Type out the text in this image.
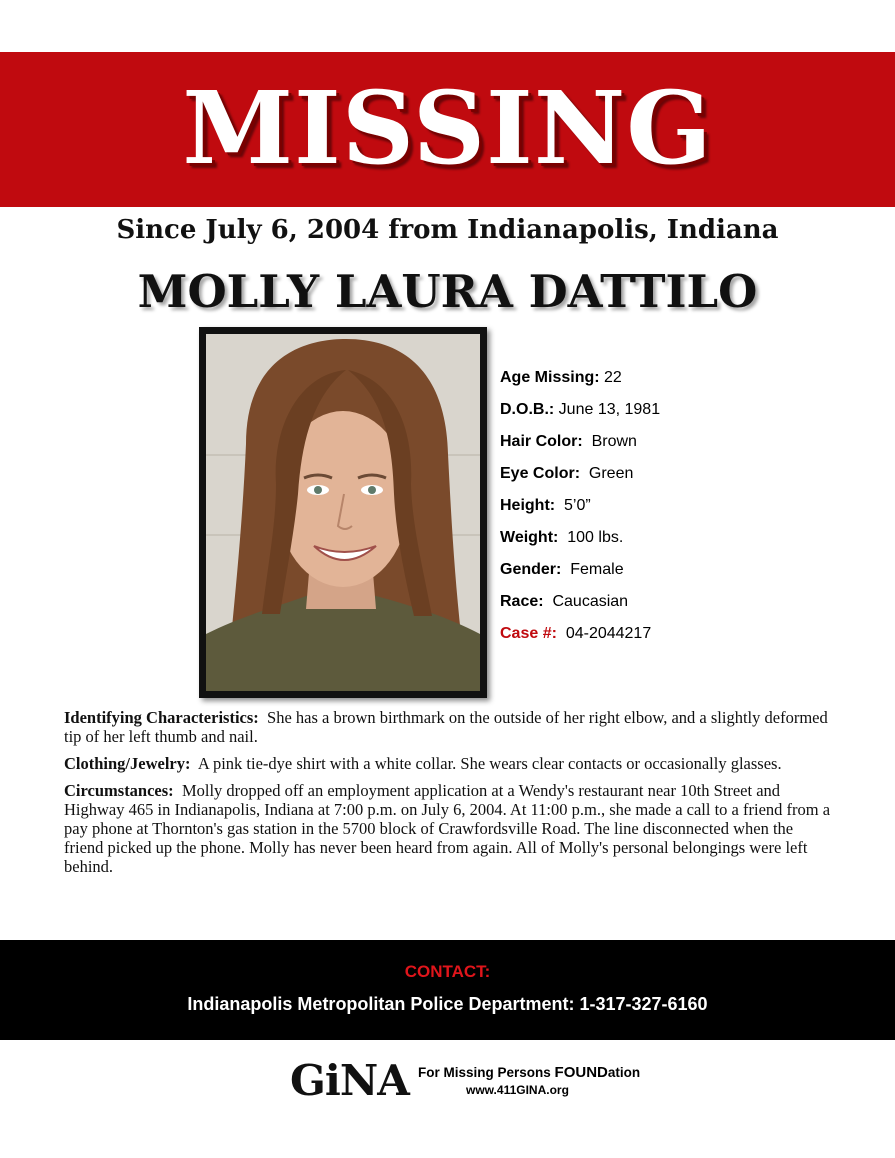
MISSING
Since July 6, 2004 from Indianapolis, Indiana
MOLLY LAURA DATTILO
Age Missing: 22
D.O.B.: June 13, 1981
Hair Color: Brown
Eye Color: Green
Height: 5’0”
Weight: 100 lbs.
Gender: Female
Race: Caucasian
Case #: 04-2044217

Identifying Characteristics: She has a brown birthmark on the outside of her right elbow, and a slightly deformed tip of her left thumb and nail.

Clothing/Jewelry: A pink tie-dye shirt with a white collar. She wears clear contacts or occasionally glasses.

Circumstances: Molly dropped off an employment application at a Wendy's restaurant near 10th Street and Highway 465 in Indianapolis, Indiana at 7:00 p.m. on July 6, 2004. At 11:00 p.m., she made a call to a friend from a pay phone at Thornton's gas station in the 5700 block of Crawfordsville Road. The line disconnected when the friend picked up the phone. Molly has never been heard from again. All of Molly's personal belongings were left behind.

CONTACT:
Indianapolis Metropolitan Police Department: 1-317-327-6160
GiNA For Missing Persons FOUNDation
www.411GINA.org
